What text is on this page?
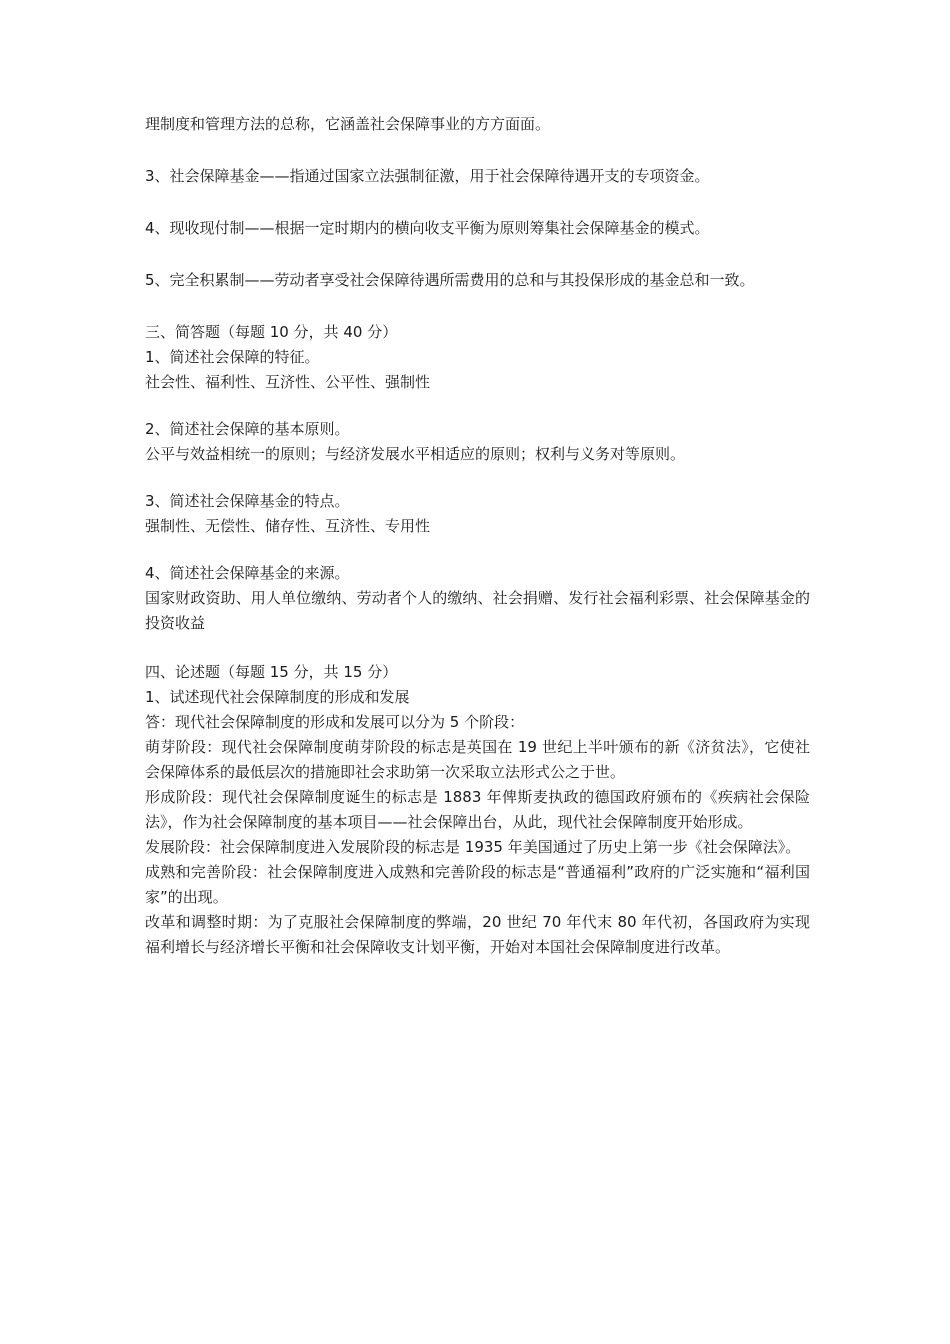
理制度和管理方法的总称，它涵盖社会保障事业的方方面面。
3、社会保障基金——指通过国家立法强制征激，用于社会保障待遇开支的专项资金。
4、现收现付制——根据一定时期内的横向收支平衡为原则筹集社会保障基金的模式。
5、完全积累制——劳动者享受社会保障待遇所需费用的总和与其投保形成的基金总和一致。
三、简答题（每题 10 分，共 40 分）
1、简述社会保障的特征。
社会性、福利性、互济性、公平性、强制性
2、简述社会保障的基本原则。
公平与效益相统一的原则；与经济发展水平相适应的原则；权利与义务对等原则。
3、简述社会保障基金的特点。
强制性、无偿性、储存性、互济性、专用性
4、简述社会保障基金的来源。
国家财政资助、用人单位缴纳、劳动者个人的缴纳、社会捐赠、发行社会福利彩票、社会保障基金的投资收益
四、论述题（每题 15 分，共 15 分）
1、试述现代社会保障制度的形成和发展
答：现代社会保障制度的形成和发展可以分为 5 个阶段：
萌芽阶段：现代社会保障制度萌芽阶段的标志是英国在 19 世纪上半叶颁布的新《济贫法》，它使社会保障体系的最低层次的措施即社会求助第一次采取立法形式公之于世。
形成阶段：现代社会保障制度诞生的标志是 1883 年俾斯麦执政的德国政府颁布的《疾病社会保险法》，作为社会保障制度的基本项目——社会保障出台，从此，现代社会保障制度开始形成。
发展阶段：社会保障制度进入发展阶段的标志是 1935 年美国通过了历史上第一步《社会保障法》。
成熟和完善阶段：社会保障制度进入成熟和完善阶段的标志是“普通福利”政府的广泛实施和“福利国家”的出现。
改革和调整时期：为了克服社会保障制度的弊端，20 世纪 70 年代末 80 年代初，各国政府为实现福利增长与经济增长平衡和社会保障收支计划平衡，开始对本国社会保障制度进行改革。
